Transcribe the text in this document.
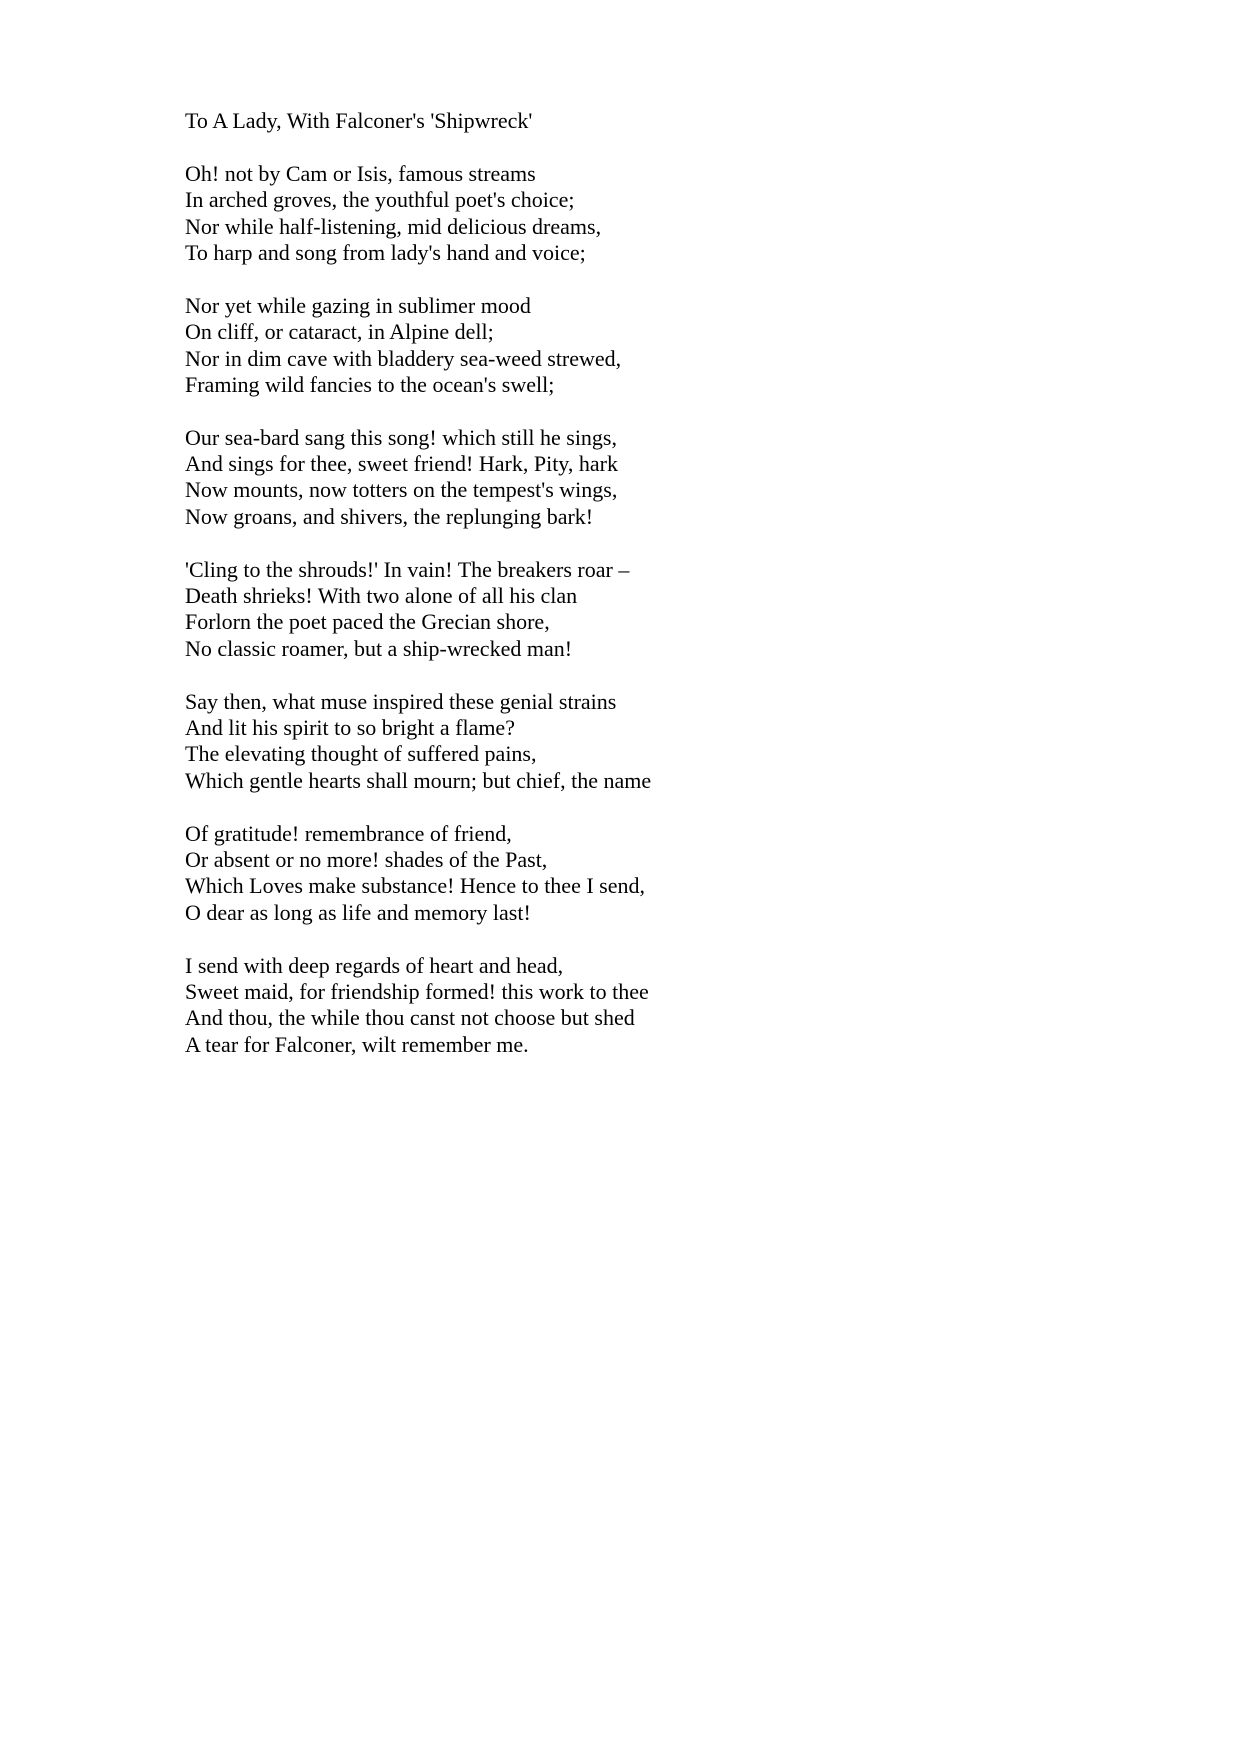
To A Lady, With Falconer's 'Shipwreck'

Oh! not by Cam or Isis, famous streams
In arched groves, the youthful poet's choice;
Nor while half-listening, mid delicious dreams,
To harp and song from lady's hand and voice;
Nor yet while gazing in sublimer mood
On cliff, or cataract, in Alpine dell;
Nor in dim cave with bladdery sea-weed strewed,
Framing wild fancies to the ocean's swell;
Our sea-bard sang this song! which still he sings,
And sings for thee, sweet friend! Hark, Pity, hark
Now mounts, now totters on the tempest's wings,
Now groans, and shivers, the replunging bark!
'Cling to the shrouds!' In vain! The breakers roar –
Death shrieks! With two alone of all his clan
Forlorn the poet paced the Grecian shore,
No classic roamer, but a ship-wrecked man!
Say then, what muse inspired these genial strains
And lit his spirit to so bright a flame?
The elevating thought of suffered pains,
Which gentle hearts shall mourn; but chief, the name
Of gratitude! remembrance of friend,
Or absent or no more! shades of the Past,
Which Loves make substance! Hence to thee I send,
O dear as long as life and memory last!
I send with deep regards of heart and head,
Sweet maid, for friendship formed! this work to thee
And thou, the while thou canst not choose but shed
A tear for Falconer, wilt remember me.
